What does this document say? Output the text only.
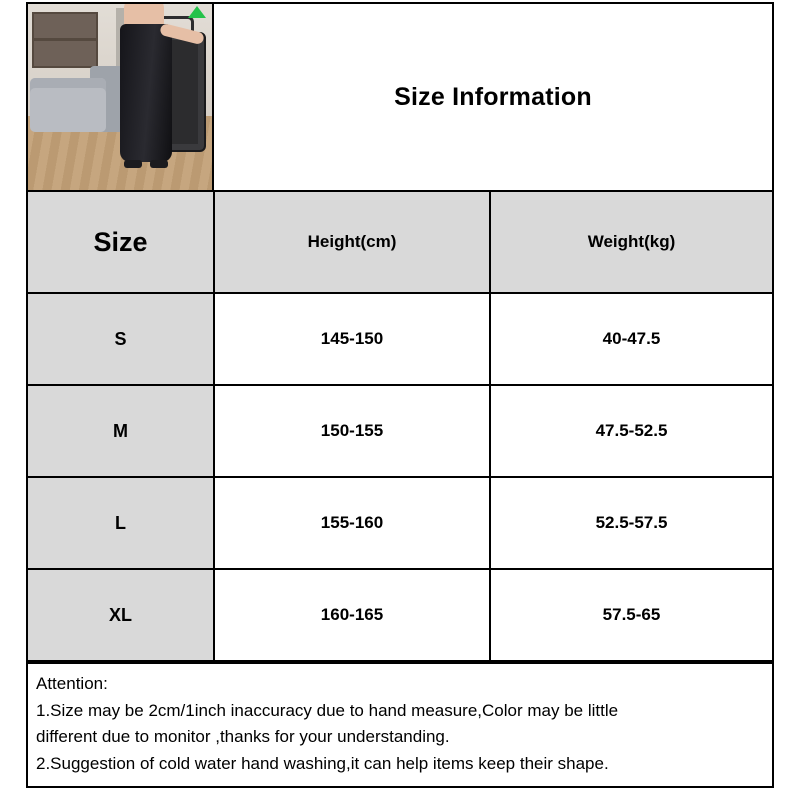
Size Information
Size	Height(cm)	Weight(kg)
S	145-150	40-47.5
M	150-155	47.5-52.5
L	155-160	52.5-57.5
XL	160-165	57.5-65

Attention:

1.Size may be 2cm/1inch inaccuracy due to hand measure,Color may be little

different due to monitor ,thanks for your understanding.

2.Suggestion of cold water hand washing,it can help items keep their shape.
